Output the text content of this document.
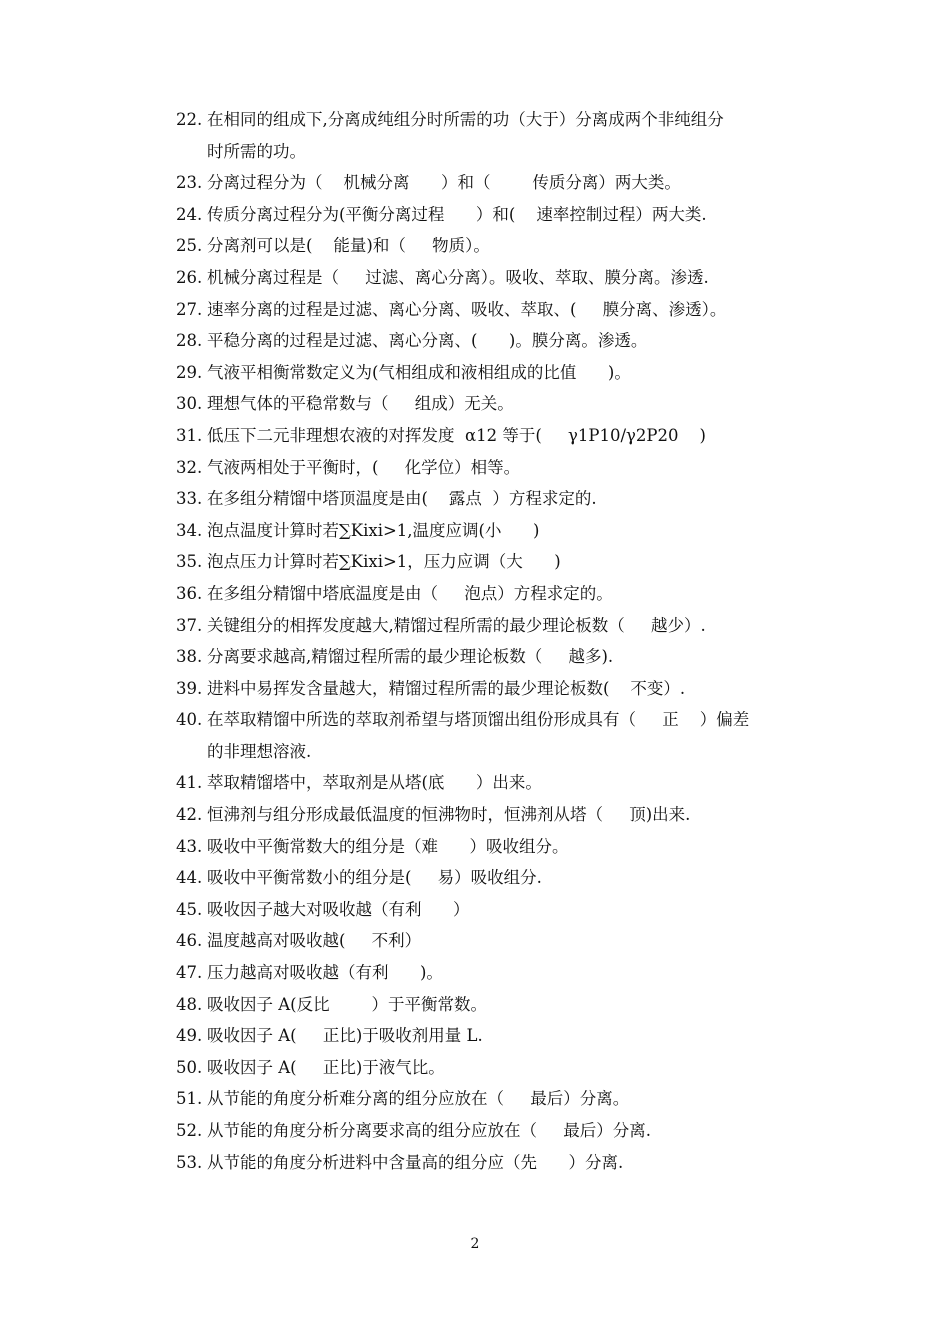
22. 在相同的组成下,分离成纯组分时所需的功（大于）分离成两个非纯组分
时所需的功。
23. 分离过程分为（    机械分离      ）和（        传质分离）两大类。
24. 传质分离过程分为(平衡分离过程      ）和(    速率控制过程）两大类.
25. 分离剂可以是(    能量)和（     物质）。
26. 机械分离过程是（     过滤、离心分离）。吸收、萃取、膜分离。渗透.
27. 速率分离的过程是过滤、离心分离、吸收、萃取、(     膜分离、渗透）。
28. 平稳分离的过程是过滤、离心分离、(      )。膜分离。渗透。
29. 气液平相衡常数定义为(气相组成和液相组成的比值      )。
30. 理想气体的平稳常数与（     组成）无关。
31. 低压下二元非理想农液的对挥发度  α12 等于(     γ1P10/γ2P20    )
32. 气液两相处于平衡时，(     化学位）相等。
33. 在多组分精馏中塔顶温度是由(    露点  ）方程求定的.
34. 泡点温度计算时若∑Kixi>1,温度应调(小      )
35. 泡点压力计算时若∑Kixi>1，压力应调（大      )
36. 在多组分精馏中塔底温度是由（     泡点）方程求定的。
37. 关键组分的相挥发度越大,精馏过程所需的最少理论板数（     越少）.
38. 分离要求越高,精馏过程所需的最少理论板数（     越多).
39. 进料中易挥发含量越大，精馏过程所需的最少理论板数(    不变）.
40. 在萃取精馏中所选的萃取剂希望与塔顶馏出组份形成具有（     正    ）偏差
的非理想溶液.
41. 萃取精馏塔中，萃取剂是从塔(底      ）出来。
42. 恒沸剂与组分形成最低温度的恒沸物时，恒沸剂从塔（     顶)出来.
43. 吸收中平衡常数大的组分是（难      ）吸收组分。
44. 吸收中平衡常数小的组分是(     易）吸收组分.
45. 吸收因子越大对吸收越（有利      ）
46. 温度越高对吸收越(     不利）
47. 压力越高对吸收越（有利      )。
48. 吸收因子 A(反比        ）于平衡常数。
49. 吸收因子 A(     正比)于吸收剂用量 L.
50. 吸收因子 A(     正比)于液气比。
51. 从节能的角度分析难分离的组分应放在（     最后）分离。
52. 从节能的角度分析分离要求高的组分应放在（     最后）分离.
53. 从节能的角度分析进料中含量高的组分应（先      ）分离.
2
